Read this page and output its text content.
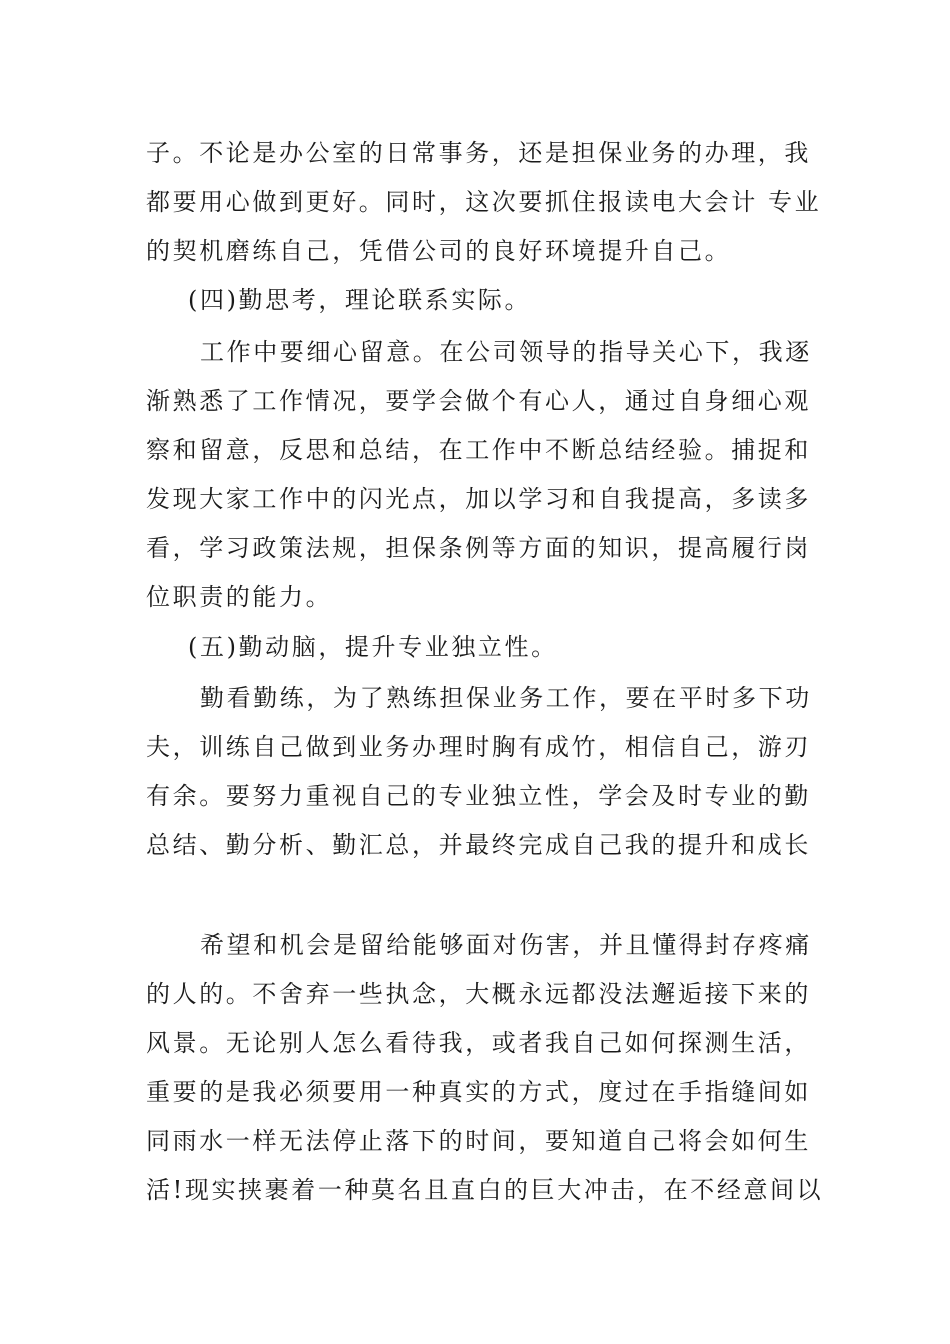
子。不论是办公室的日常事务，还是担保业务的办理，我
都要用心做到更好。同时，这次要抓住报读电大会计 专业
的契机磨练自己，凭借公司的良好环境提升自己。
(四)勤思考，理论联系实际。
工作中要细心留意。在公司领导的指导关心下，我逐
渐熟悉了工作情况，要学会做个有心人，通过自身细心观
察和留意，反思和总结，在工作中不断总结经验。捕捉和
发现大家工作中的闪光点，加以学习和自我提高，多读多
看，学习政策法规，担保条例等方面的知识，提高履行岗
位职责的能力。
(五)勤动脑，提升专业独立性。
勤看勤练，为了熟练担保业务工作，要在平时多下功
夫，训练自己做到业务办理时胸有成竹，相信自己，游刃
有余。要努力重视自己的专业独立性，学会及时专业的勤
总结、勤分析、勤汇总，并最终完成自己我的提升和成长
希望和机会是留给能够面对伤害，并且懂得封存疼痛
的人的。不舍弃一些执念，大概永远都没法邂逅接下来的
风景。无论别人怎么看待我，或者我自己如何探测生活，
重要的是我必须要用一种真实的方式，度过在手指缝间如
同雨水一样无法停止落下的时间，要知道自己将会如何生
活!现实挟裹着一种莫名且直白的巨大冲击，在不经意间以
